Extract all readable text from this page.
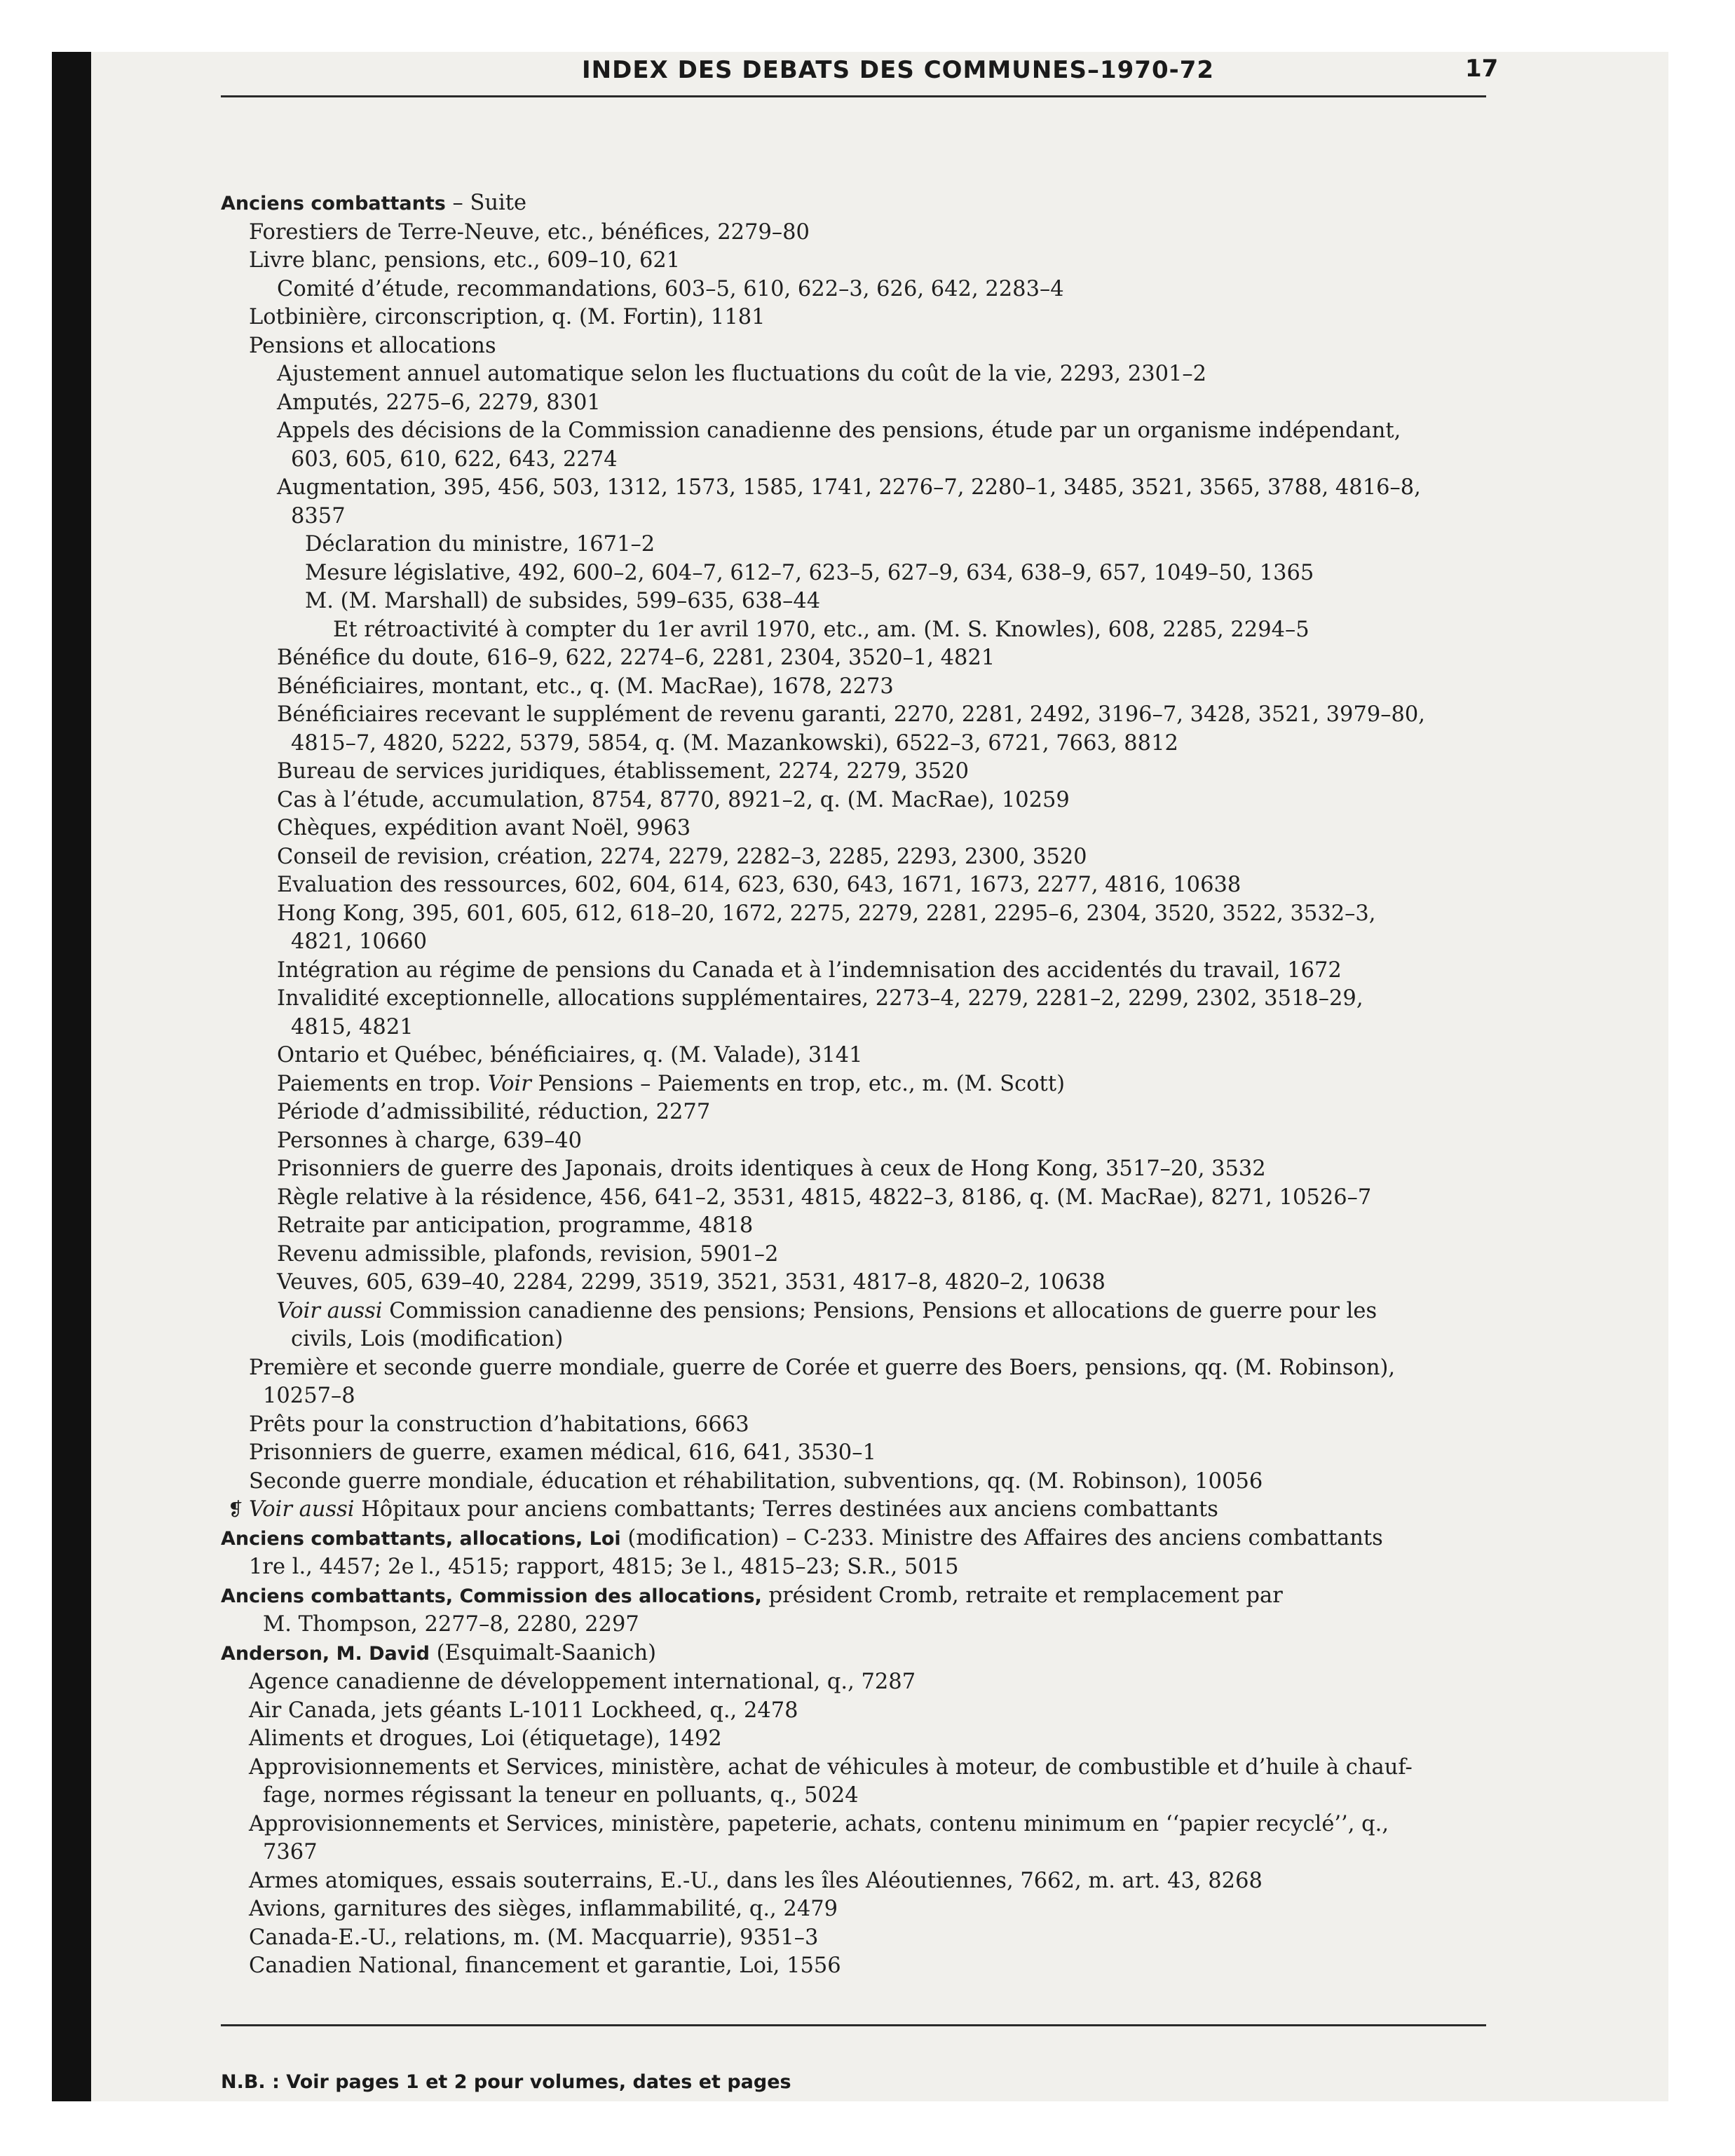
INDEX DES DEBATS DES COMMUNES–1970-72	17
Anciens combattants – Suite
Forestiers de Terre-Neuve, etc., bénéfices, 2279–80
Livre blanc, pensions, etc., 609–10, 621
Comité d’étude, recommandations, 603–5, 610, 622–3, 626, 642, 2283–4
Lotbinière, circonscription, q. (M. Fortin), 1181
Pensions et allocations
Ajustement annuel automatique selon les fluctuations du coût de la vie, 2293, 2301–2
Amputés, 2275–6, 2279, 8301
Appels des décisions de la Commission canadienne des pensions, étude par un organisme indépendant,
603, 605, 610, 622, 643, 2274
Augmentation, 395, 456, 503, 1312, 1573, 1585, 1741, 2276–7, 2280–1, 3485, 3521, 3565, 3788, 4816–8,
8357
Déclaration du ministre, 1671–2
Mesure législative, 492, 600–2, 604–7, 612–7, 623–5, 627–9, 634, 638–9, 657, 1049–50, 1365
M. (M. Marshall) de subsides, 599–635, 638–44
Et rétroactivité à compter du 1er avril 1970, etc., am. (M. S. Knowles), 608, 2285, 2294–5
Bénéfice du doute, 616–9, 622, 2274–6, 2281, 2304, 3520–1, 4821
Bénéficiaires, montant, etc., q. (M. MacRae), 1678, 2273
Bénéficiaires recevant le supplément de revenu garanti, 2270, 2281, 2492, 3196–7, 3428, 3521, 3979–80,
4815–7, 4820, 5222, 5379, 5854, q. (M. Mazankowski), 6522–3, 6721, 7663, 8812
Bureau de services juridiques, établissement, 2274, 2279, 3520
Cas à l’étude, accumulation, 8754, 8770, 8921–2, q. (M. MacRae), 10259
Chèques, expédition avant Noël, 9963
Conseil de revision, création, 2274, 2279, 2282–3, 2285, 2293, 2300, 3520
Evaluation des ressources, 602, 604, 614, 623, 630, 643, 1671, 1673, 2277, 4816, 10638
Hong Kong, 395, 601, 605, 612, 618–20, 1672, 2275, 2279, 2281, 2295–6, 2304, 3520, 3522, 3532–3,
4821, 10660
Intégration au régime de pensions du Canada et à l’indemnisation des accidentés du travail, 1672
Invalidité exceptionnelle, allocations supplémentaires, 2273–4, 2279, 2281–2, 2299, 2302, 3518–29,
4815, 4821
Ontario et Québec, bénéficiaires, q. (M. Valade), 3141
Paiements en trop. Voir Pensions – Paiements en trop, etc., m. (M. Scott)
Période d’admissibilité, réduction, 2277
Personnes à charge, 639–40
Prisonniers de guerre des Japonais, droits identiques à ceux de Hong Kong, 3517–20, 3532
Règle relative à la résidence, 456, 641–2, 3531, 4815, 4822–3, 8186, q. (M. MacRae), 8271, 10526–7
Retraite par anticipation, programme, 4818
Revenu admissible, plafonds, revision, 5901–2
Veuves, 605, 639–40, 2284, 2299, 3519, 3521, 3531, 4817–8, 4820–2, 10638
Voir aussi Commission canadienne des pensions; Pensions, Pensions et allocations de guerre pour les
civils, Lois (modification)
Première et seconde guerre mondiale, guerre de Corée et guerre des Boers, pensions, qq. (M. Robinson),
10257–8
Prêts pour la construction d’habitations, 6663
Prisonniers de guerre, examen médical, 616, 641, 3530–1
Seconde guerre mondiale, éducation et réhabilitation, subventions, qq. (M. Robinson), 10056
❡ Voir aussi Hôpitaux pour anciens combattants; Terres destinées aux anciens combattants
Anciens combattants, allocations, Loi (modification) – C-233. Ministre des Affaires des anciens combattants
1re l., 4457; 2e l., 4515; rapport, 4815; 3e l., 4815–23; S.R., 5015
Anciens combattants, Commission des allocations, président Cromb, retraite et remplacement par
M. Thompson, 2277–8, 2280, 2297
Anderson, M. David (Esquimalt-Saanich)
Agence canadienne de développement international, q., 7287
Air Canada, jets géants L-1011 Lockheed, q., 2478
Aliments et drogues, Loi (étiquetage), 1492
Approvisionnements et Services, ministère, achat de véhicules à moteur, de combustible et d’huile à chauf-
fage, normes régissant la teneur en polluants, q., 5024
Approvisionnements et Services, ministère, papeterie, achats, contenu minimum en ‘‘papier recyclé’’, q.,
7367
Armes atomiques, essais souterrains, E.-U., dans les îles Aléoutiennes, 7662, m. art. 43, 8268
Avions, garnitures des sièges, inflammabilité, q., 2479
Canada-E.-U., relations, m. (M. Macquarrie), 9351–3
Canadien National, financement et garantie, Loi, 1556
N.B. : Voir pages 1 et 2 pour volumes, dates et pages
